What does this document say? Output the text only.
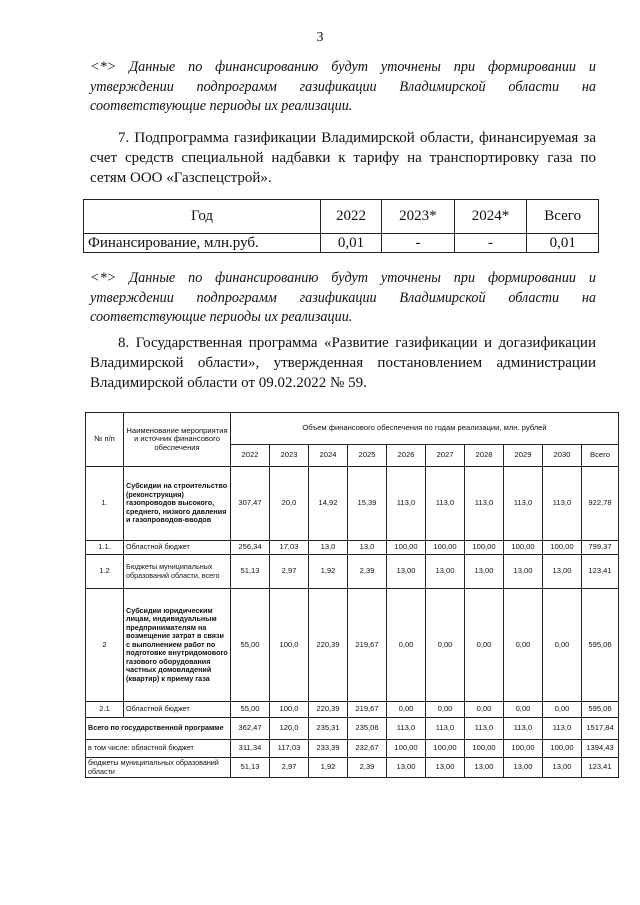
3
<*> Данные по финансированию будут уточнены при формировании и утверждении подпрограмм газификации Владимирской области на соответствующие периоды их реализации.
7. Подпрограмма газификации Владимирской области, финансируемая за счет средств специальной надбавки к тарифу на транспортировку газа по сетям ООО «Газспецстрой».
Год	2022	2023*	2024*	Всего
Финансирование, млн.руб.	0,01	-	-	0,01
<*> Данные по финансированию будут уточнены при формировании и утверждении подпрограмм газификации Владимирской области на соответствующие периоды их реализации.
8. Государственная программа «Развитие газификации и догазификации Владимирской области», утвержденная постановлением администрации Владимирской области от 09.02.2022 № 59.
№ п/п	Наименование мероприятия и источник финансового обеспечения	Объем финансового обеспечения по годам реализации, млн. рублей									
		2022	2023	2024	2025	2026	2027	2028	2029	2030	Всего
1.	Субсидии на строительство (реконструкция) газопроводов высокого, среднего, низкого давления и газопроводов-вводов	307,47	20,0	14,92	15,39	113,0	113,0	113,0	113,0	113,0	922,78
1.1.	Областной бюджет	256,34	17,03	13,0	13,0	100,00	100,00	100,00	100,00	100,00	799,37
1.2	Бюджеты муниципальных образований области, всего	51,13	2,97	1,92	2,39	13,00	13,00	13,00	13,00	13,00	123,41
2	Субсидии юридическим лицам, индивидуальным предпринимателям на возмещение затрат в связи с выполнением работ по подготовке внутридомового газового оборудования частных домовладений (квартир) к приему газа	55,00	100,0	220,39	219,67	0,00	0,00	0,00	0,00	0,00	595,06
2.1	Областной бюджет	55,00	100,0	220,39	219,67	0,00	0,00	0,00	0,00	0,00	595,06
Всего по государственной программе		362,47	120,0	235,31	235,06	113,0	113,0	113,0	113,0	113,0	1517,84
в том числе: областной бюджет		311,34	117,03	233,39	232,67	100,00	100,00	100,00	100,00	100,00	1394,43
бюджеты муниципальных образований области		51,13	2,97	1,92	2,39	13,00	13,00	13,00	13,00	13,00	123,41
